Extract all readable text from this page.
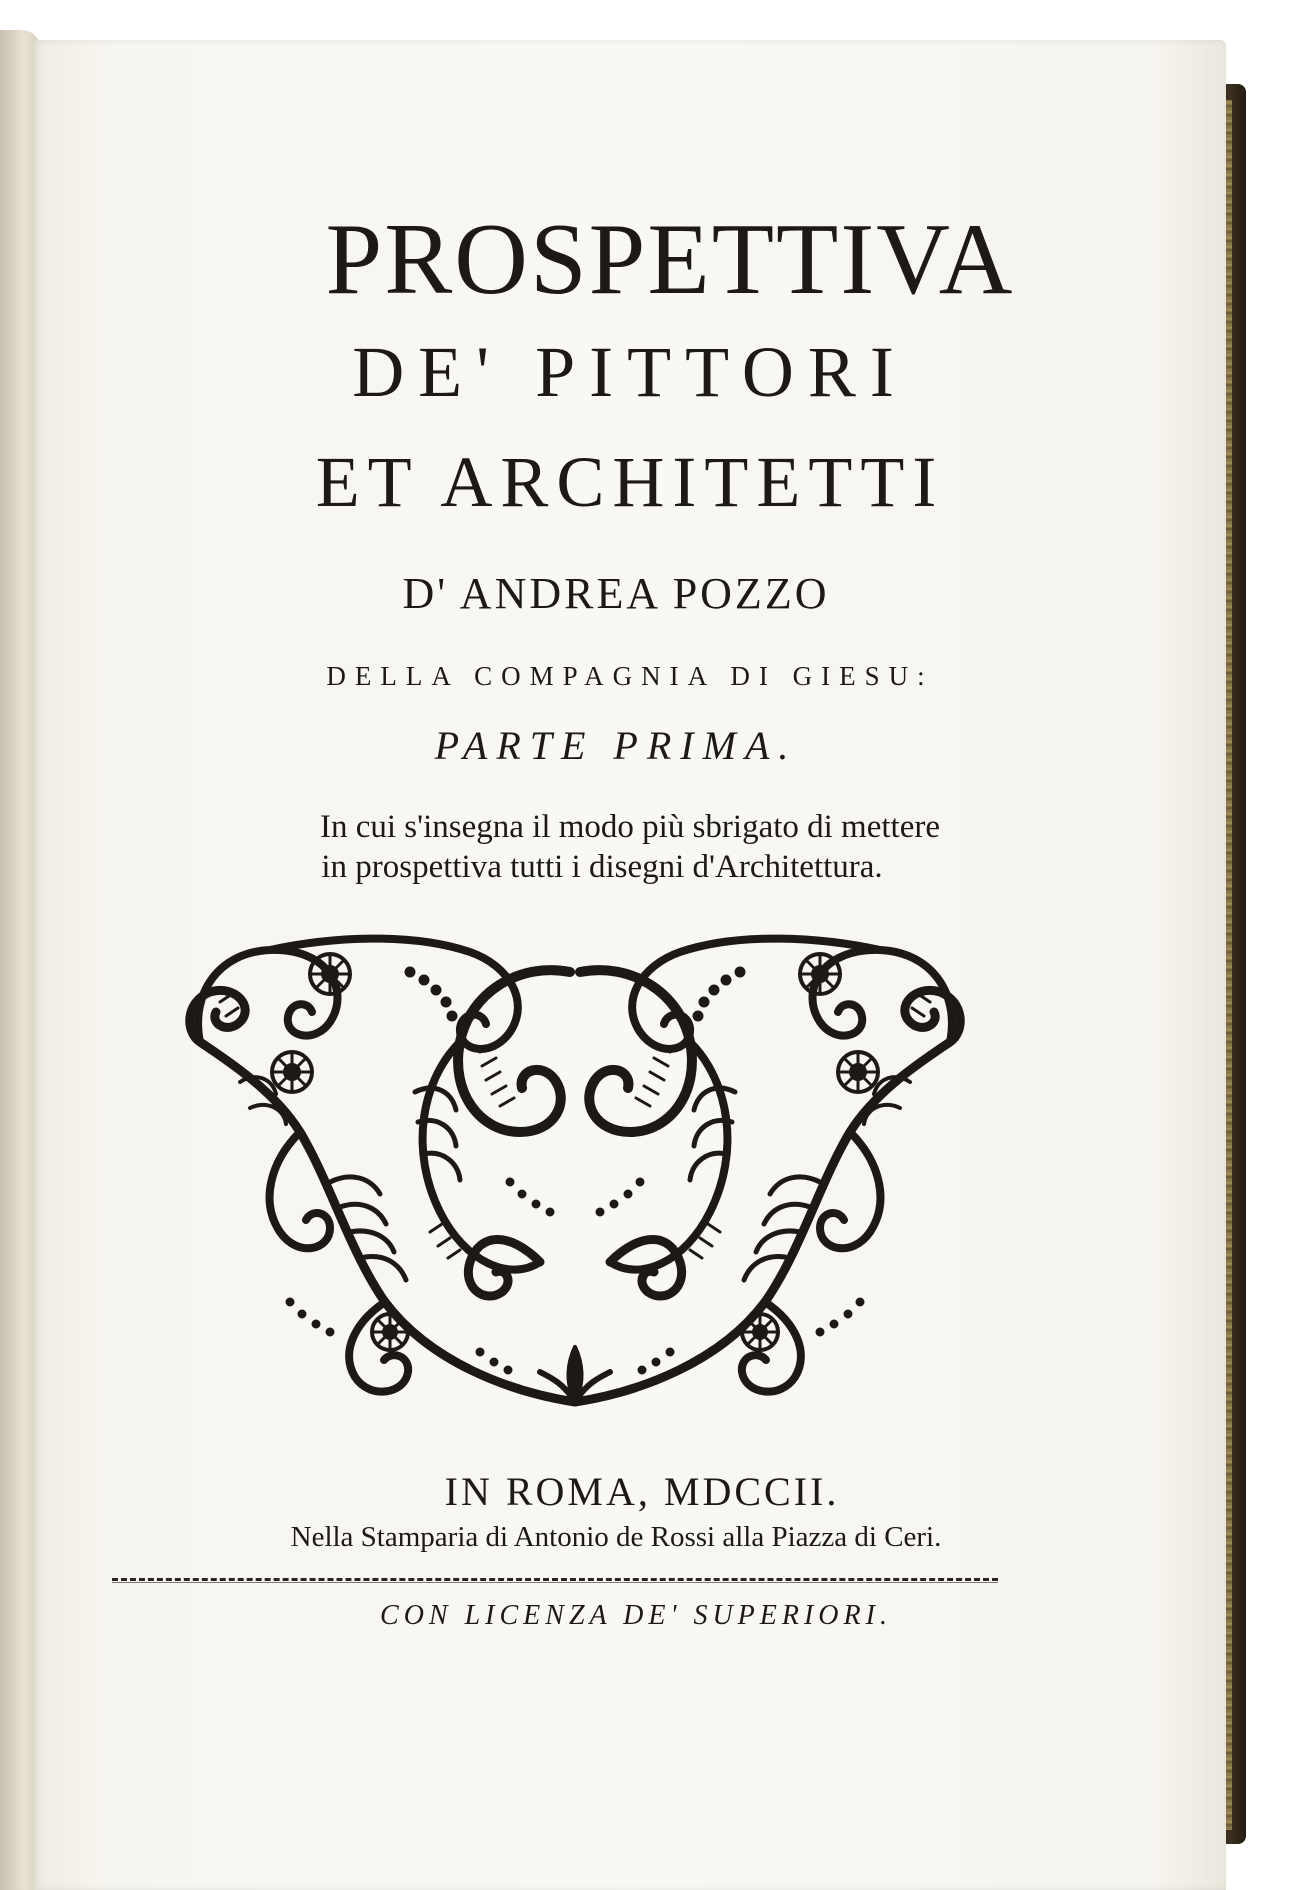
PROSPETTIVA
DE' PITTORI
ET ARCHITETTI
D' ANDREA POZZO
DELLA COMPAGNIA DI GIESU:
PARTE PRIMA.
In cui s'insegna il modo più sbrigato di mettere
in prospettiva tutti i disegni d'Architettura.
IN ROMA, MDCCII.
Nella Stamparia di Antonio de Rossi alla Piazza di Ceri.
CON LICENZA DE' SUPERIORI.
